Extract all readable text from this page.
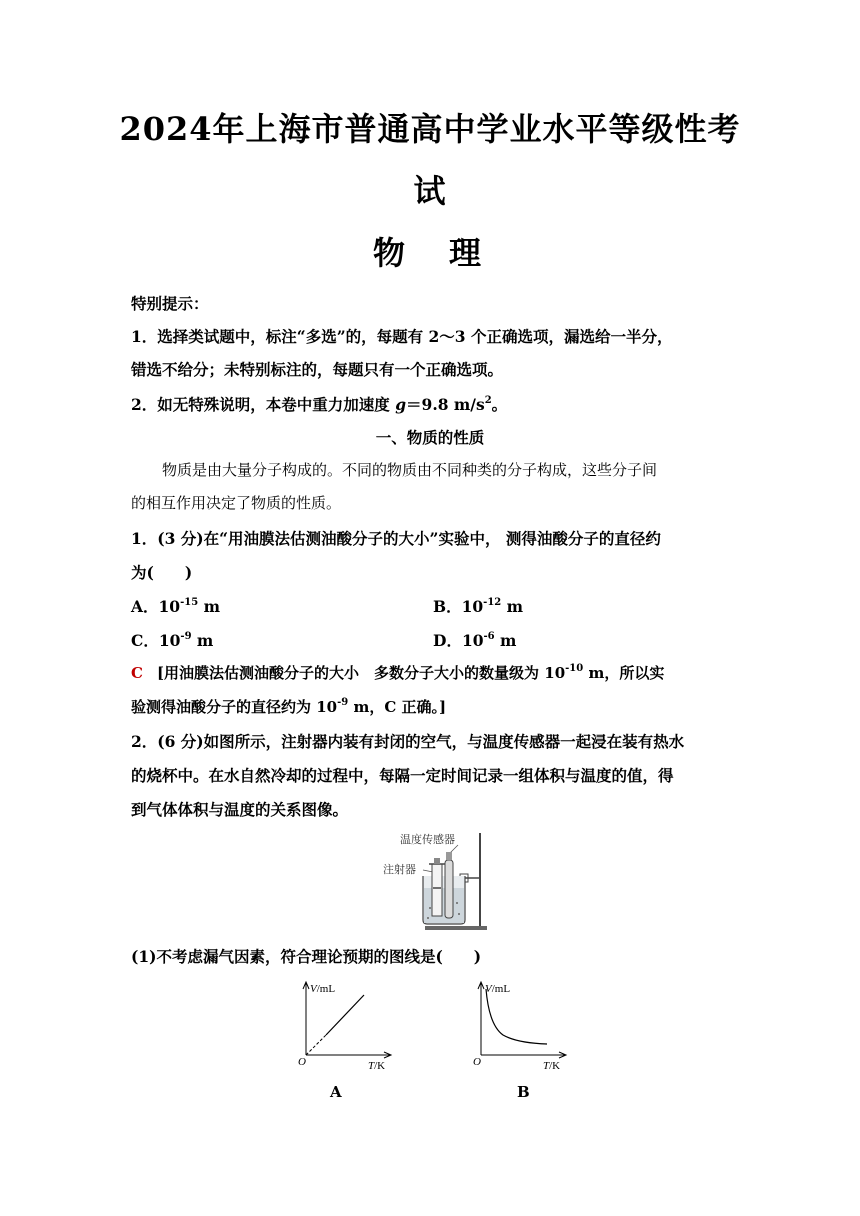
2024年上海市普通高中学业水平等级性考
试
物　理
特别提示：
1．选择类试题中，标注“多选”的，每题有 2～3 个正确选项，漏选给一半分，
错选不给分；未特别标注的，每题只有一个正确选项。
2．如无特殊说明，本卷中重力加速度 g＝9.8 $m/s^2$。
一、物质的性质
物质是由大量分子构成的。不同的物质由不同种类的分子构成，这些分子间
的相互作用决定了物质的性质。
1．(3 分)在“用油膜法估测油酸分子的大小”实验中， 测得油酸分子的直径约
为(　　)
A．$10^{-15}$ m	B．$10^{-12}$ m
C．$10^{-9}$ m	D．$10^{-6}$ m
C [用油膜法估测油酸分子的大小　多数分子大小的数量级为 $10^{-10}$ m，所以实
验测得油酸分子的直径约为 $10^{-9}$ m，C 正确。]
2．(6 分)如图所示，注射器内装有封闭的空气，与温度传感器一起浸在装有热水
的烧杯中。在水自然冷却的过程中，每隔一定时间记录一组体积与温度的值，得
到气体体积与温度的关系图像。
温度传感器
注射器
(1)不考虑漏气因素，符合理论预期的图线是(　　)
V/mL
O	T/K
V/mL
O	T/K
A	B
